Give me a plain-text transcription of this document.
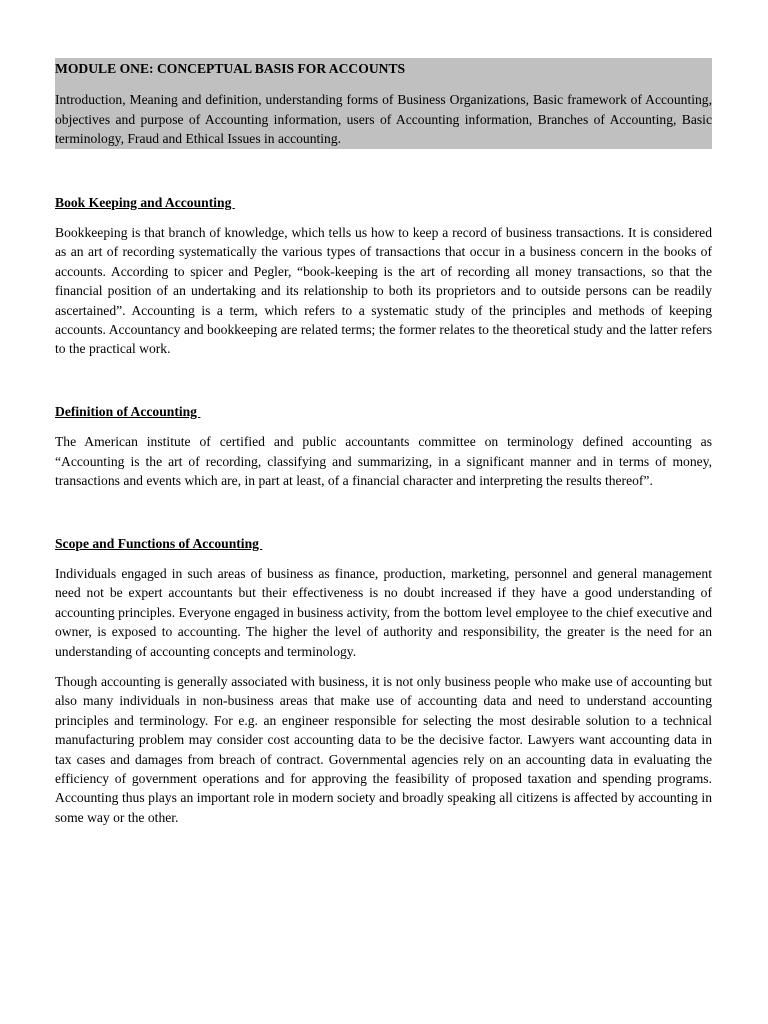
MODULE ONE: CONCEPTUAL BASIS FOR ACCOUNTS

Introduction, Meaning and definition, understanding forms of Business Organizations, Basic framework of Accounting, objectives and purpose of Accounting information, users of Accounting information, Branches of Accounting, Basic terminology, Fraud and Ethical Issues in accounting.

Book Keeping and Accounting

Bookkeeping is that branch of knowledge, which tells us how to keep a record of business transactions. It is considered as an art of recording systematically the various types of transactions that occur in a business concern in the books of accounts. According to spicer and Pegler, “book-keeping is the art of recording all money transactions, so that the financial position of an undertaking and its relationship to both its proprietors and to outside persons can be readily ascertained”. Accounting is a term, which refers to a systematic study of the principles and methods of keeping accounts. Accountancy and bookkeeping are related terms; the former relates to the theoretical study and the latter refers to the practical work.

Definition of Accounting

The American institute of certified and public accountants committee on terminology defined accounting as “Accounting is the art of recording, classifying and summarizing, in a significant manner and in terms of money, transactions and events which are, in part at least, of a financial character and interpreting the results thereof”.

Scope and Functions of Accounting

Individuals engaged in such areas of business as finance, production, marketing, personnel and general management need not be expert accountants but their effectiveness is no doubt increased if they have a good understanding of accounting principles. Everyone engaged in business activity, from the bottom level employee to the chief executive and owner, is exposed to accounting. The higher the level of authority and responsibility, the greater is the need for an understanding of accounting concepts and terminology.

Though accounting is generally associated with business, it is not only business people who make use of accounting but also many individuals in non-business areas that make use of accounting data and need to understand accounting principles and terminology. For e.g. an engineer responsible for selecting the most desirable solution to a technical manufacturing problem may consider cost accounting data to be the decisive factor. Lawyers want accounting data in tax cases and damages from breach of contract. Governmental agencies rely on an accounting data in evaluating the efficiency of government operations and for approving the feasibility of proposed taxation and spending programs. Accounting thus plays an important role in modern society and broadly speaking all citizens is affected by accounting in some way or the other.
